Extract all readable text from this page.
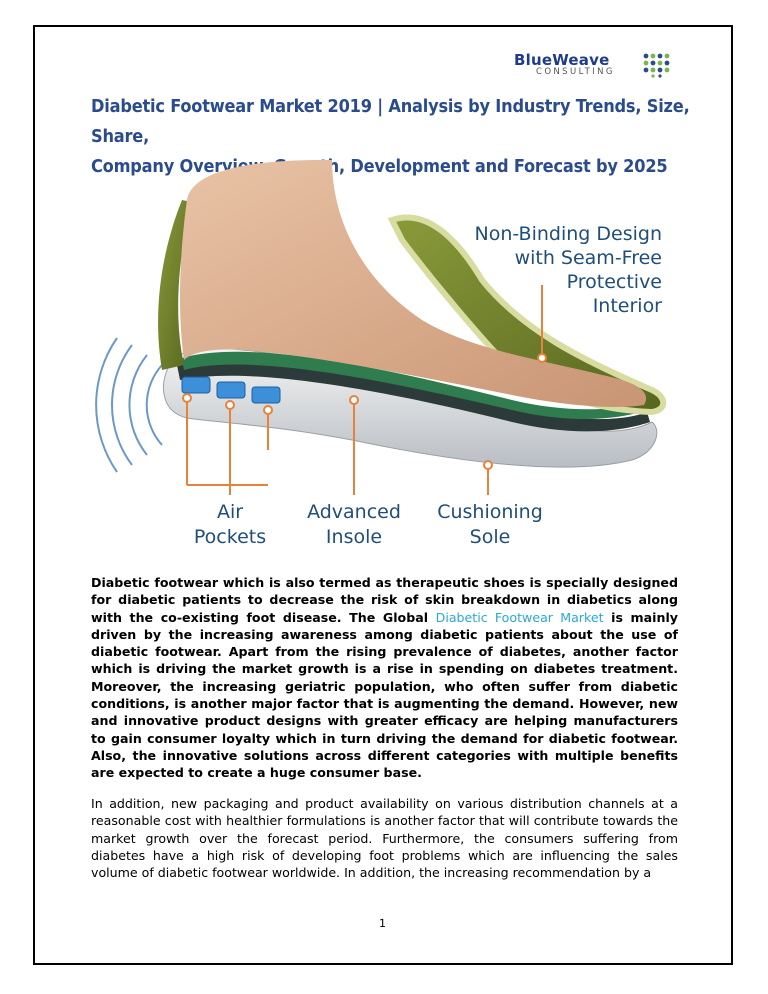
BlueWeave
CONSULTING
Diabetic Footwear Market 2019 | Analysis by Industry Trends, Size, Share,
Company Overview, Growth, Development and Forecast by 2025
Non-Binding Design
with Seam-Free
Protective
Interior
Air
Pockets
Advanced
Insole
Cushioning
Sole

Diabetic footwear which is also termed as therapeutic shoes is specially designed for diabetic patients to decrease the risk of skin breakdown in diabetics along with the co-existing foot disease. The Global Diabetic Footwear Market is mainly driven by the increasing awareness among diabetic patients about the use of diabetic footwear. Apart from the rising prevalence of diabetes, another factor which is driving the market growth is a rise in spending on diabetes treatment. Moreover, the increasing geriatric population, who often suffer from diabetic conditions, is another major factor that is augmenting the demand. However, new and innovative product designs with greater efficacy are helping manufacturers to gain consumer loyalty which in turn driving the demand for diabetic footwear. Also, the innovative solutions across different categories with multiple benefits are expected to create a huge consumer base.

In addition, new packaging and product availability on various distribution channels at a reasonable cost with healthier formulations is another factor that will contribute towards the market growth over the forecast period. Furthermore, the consumers suffering from diabetes have a high risk of developing foot problems which are influencing the sales volume of diabetic footwear worldwide. In addition, the increasing recommendation by a

1
